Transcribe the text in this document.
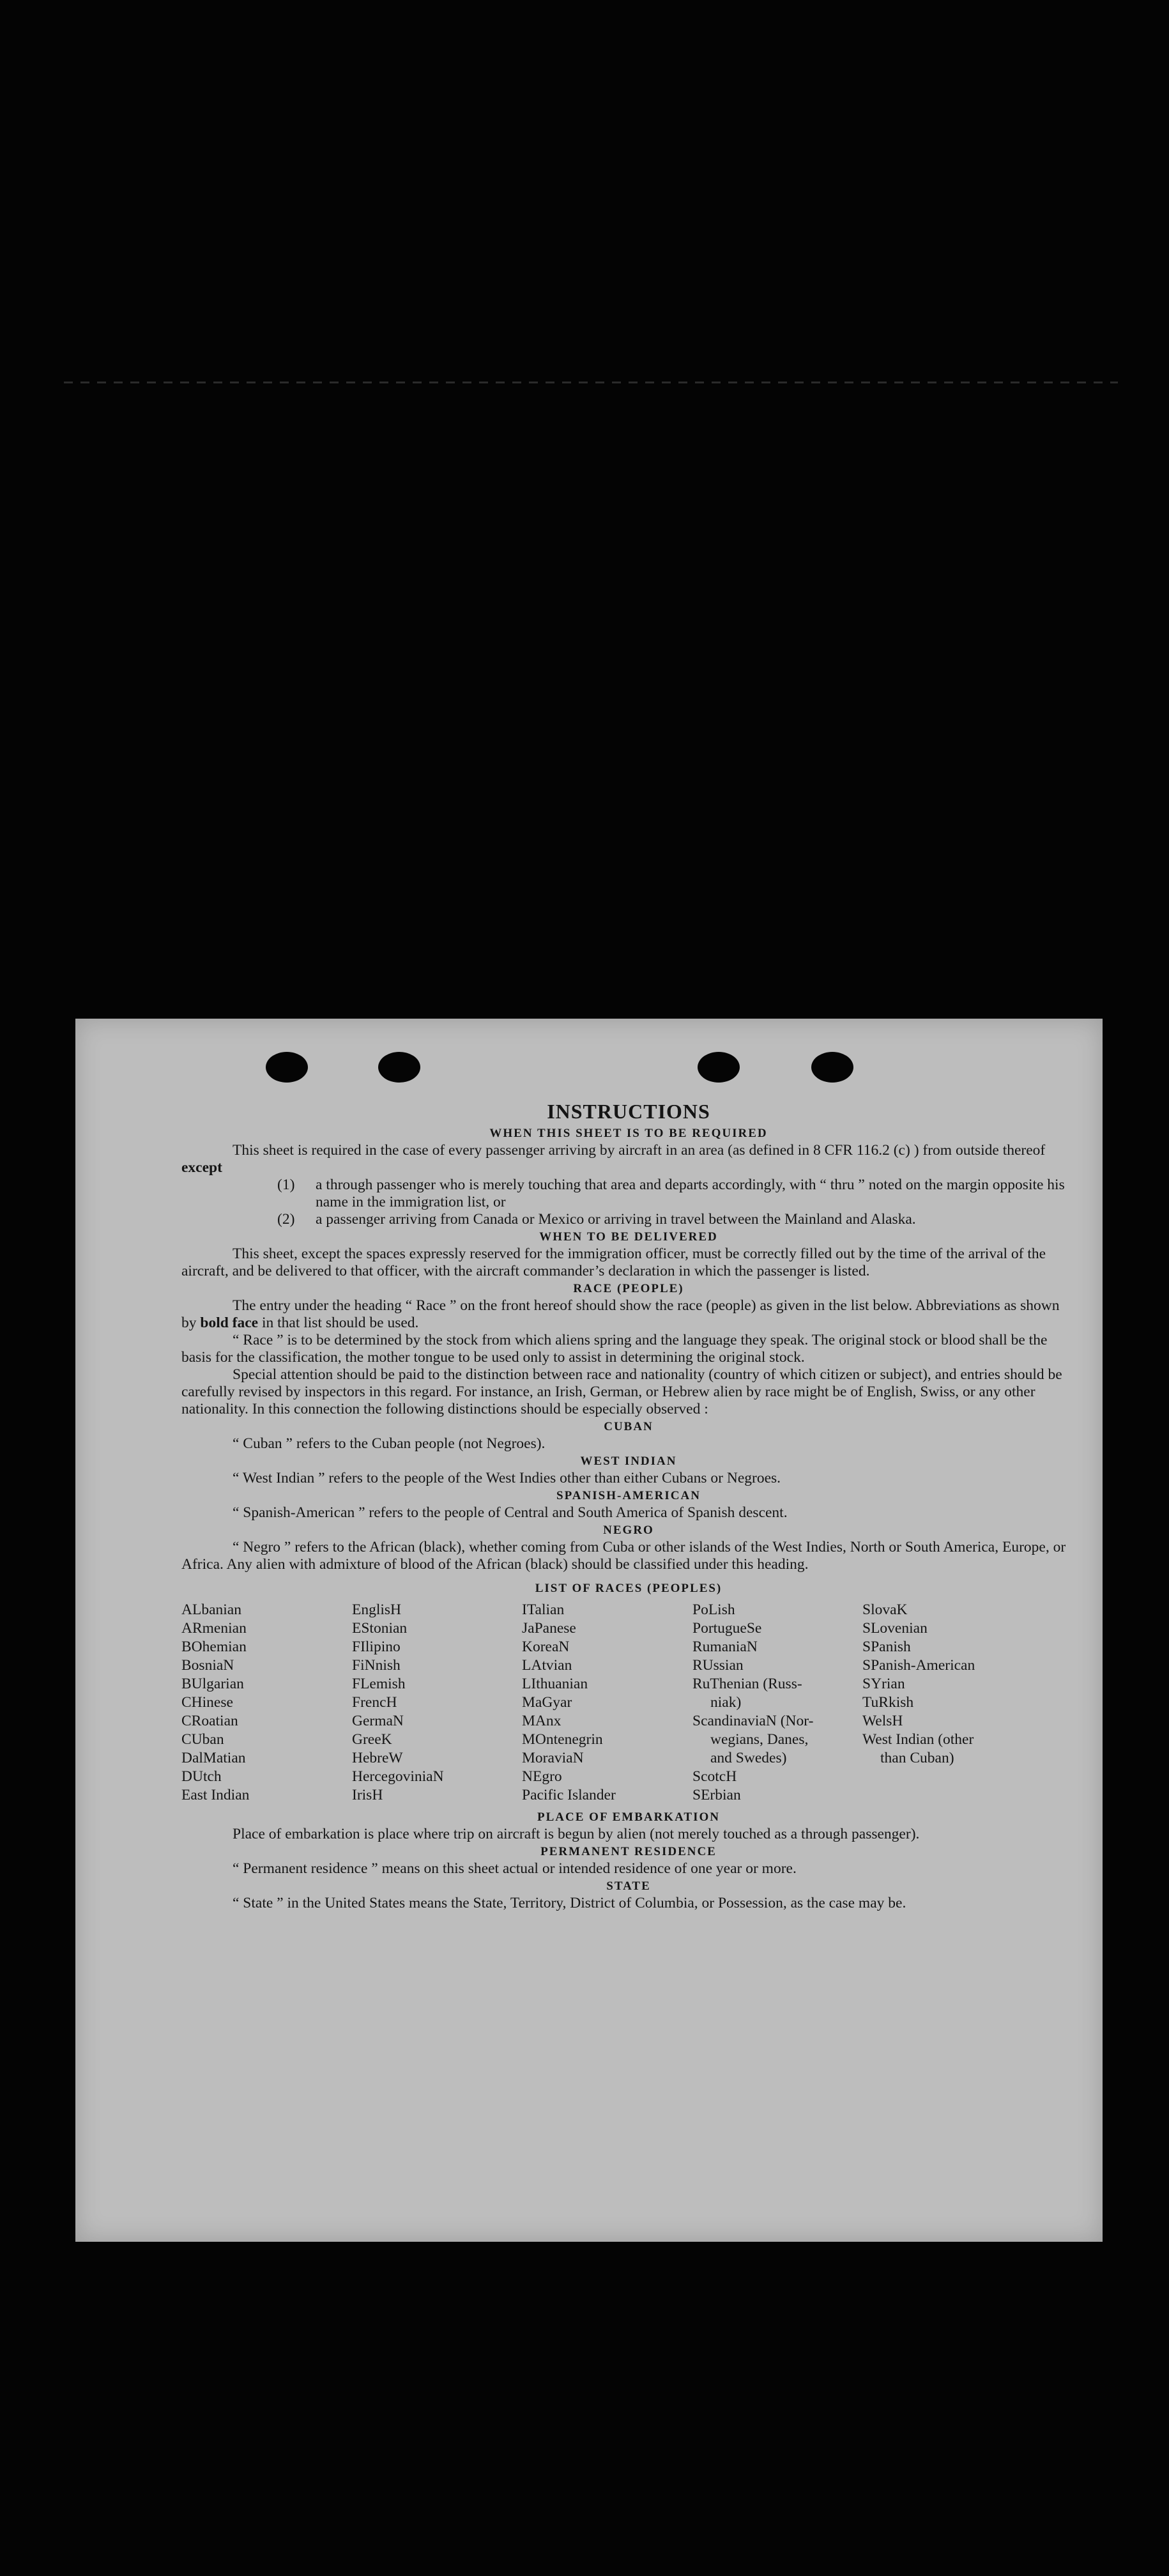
INSTRUCTIONS

WHEN THIS SHEET IS TO BE REQUIRED

This sheet is required in the case of every passenger arriving by aircraft in an area (as defined in 8 CFR 116.2 (c) ) from outside thereof except

(1)	a through passenger who is merely touching that area and departs accordingly, with “ thru ” noted on the margin opposite his name in the immigration list, or
(2)	a passenger arriving from Canada or Mexico or arriving in travel between the Mainland and Alaska.

WHEN TO BE DELIVERED

This sheet, except the spaces expressly reserved for the immigration officer, must be correctly filled out by the time of the arrival of the aircraft, and be delivered to that officer, with the aircraft commander’s declaration in which the passenger is listed.

RACE (PEOPLE)

The entry under the heading “ Race ” on the front hereof should show the race (people) as given in the list below. Abbreviations as shown by bold face in that list should be used.

“ Race ” is to be determined by the stock from which aliens spring and the language they speak. The original stock or blood shall be the basis for the classification, the mother tongue to be used only to assist in determining the original stock.

Special attention should be paid to the distinction between race and nationality (country of which citizen or subject), and entries should be carefully revised by inspectors in this regard. For instance, an Irish, German, or Hebrew alien by race might be of English, Swiss, or any other nationality. In this connection the following distinctions should be especially observed :

CUBAN

“ Cuban ” refers to the Cuban people (not Negroes).

WEST INDIAN

“ West Indian ” refers to the people of the West Indies other than either Cubans or Negroes.

SPANISH-AMERICAN

“ Spanish-American ” refers to the people of Central and South America of Spanish descent.

NEGRO

“ Negro ” refers to the African (black), whether coming from Cuba or other islands of the West Indies, North or South America, Europe, or Africa. Any alien with admixture of blood of the African (black) should be classified under this heading.

LIST OF RACES (PEOPLES)

ALbanian
ARmenian
BOhemian
BosniaN
BUlgarian
CHinese
CRoatian
CUban
DalMatian
DUtch
East Indian
EnglisH
EStonian
FIlipino
FiNnish
FLemish
FrencH
GermaN
GreeK
HebreW
HercegoviniaN
IrisH
ITalian
JaPanese
KoreaN
LAtvian
LIthuanian
MaGyar
MAnx
MOntenegrin
MoraviaN
NEgro
Pacific Islander
PoLish
PortugueSe
RumaniaN
RUssian
RuThenian (Russ-
niak)
ScandinaviaN (Nor-
wegians, Danes,
and Swedes)
ScotcH
SErbian
SlovaK
SLovenian
SPanish
SPanish-American
SYrian
TuRkish
WelsH
West Indian (other
than Cuban)

PLACE OF EMBARKATION

Place of embarkation is place where trip on aircraft is begun by alien (not merely touched as a through passenger).

PERMANENT RESIDENCE

“ Permanent residence ” means on this sheet actual or intended residence of one year or more.

STATE

“ State ” in the United States means the State, Territory, District of Columbia, or Possession, as the case may be.
